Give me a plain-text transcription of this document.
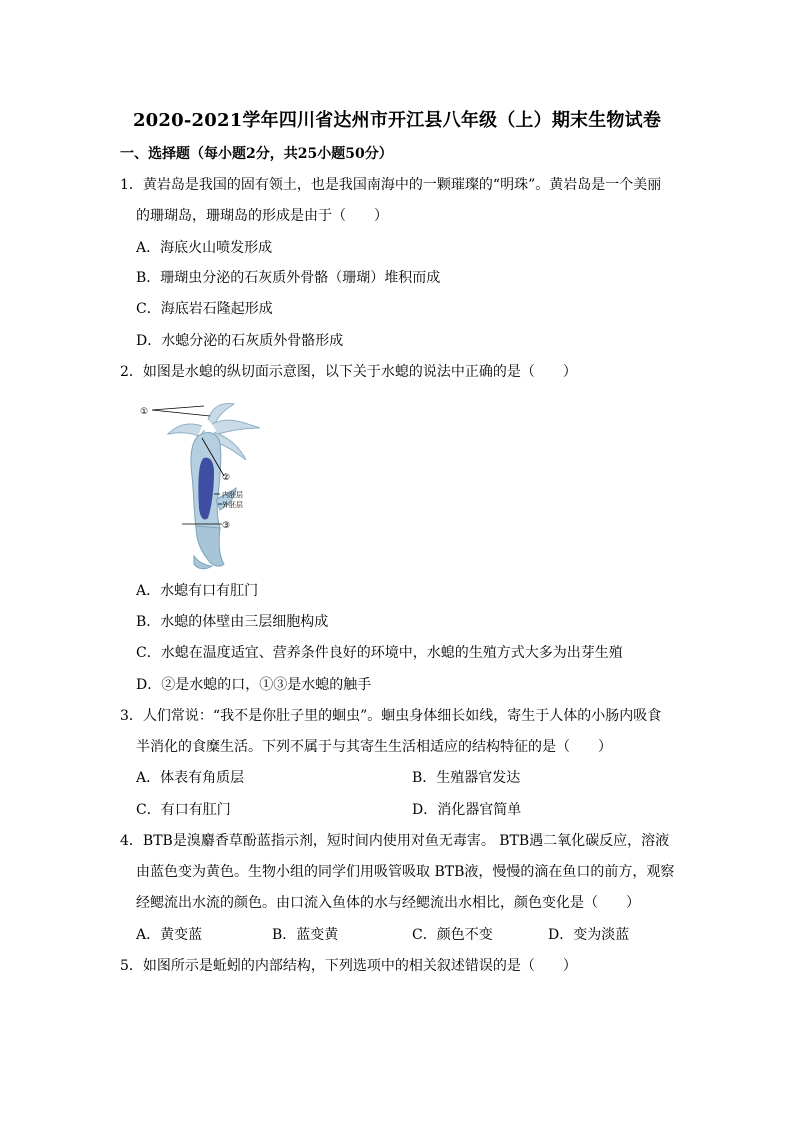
2020-2021学年四川省达州市开江县八年级（上）期末生物试卷
一、选择题（每小题2分，共25小题50分）
1．黄岩岛是我国的固有领土，也是我国南海中的一颗璀璨的“明珠”。黄岩岛是一个美丽
的珊瑚岛，珊瑚岛的形成是由于（　　）
A．海底火山喷发形成
B．珊瑚虫分泌的石灰质外骨骼（珊瑚）堆积而成
C．海底岩石隆起形成
D．水螅分泌的石灰质外骨骼形成
2．如图是水螅的纵切面示意图，以下关于水螅的说法中正确的是（　　）
①
②
内胚层
外胚层
③
A．水螅有口有肛门
B．水螅的体壁由三层细胞构成
C．水螅在温度适宜、营养条件良好的环境中，水螅的生殖方式大多为出芽生殖
D．②是水螅的口，①③是水螅的触手
3．人们常说：“我不是你肚子里的蛔虫”。蛔虫身体细长如线，寄生于人体的小肠内吸食
半消化的食糜生活。下列不属于与其寄生生活相适应的结构特征的是（　　）
A．体表有角质层	B．生殖器官发达
C．有口有肛门	D．消化器官简单
4．BTB是溴麝香草酚蓝指示剂，短时间内使用对鱼无毒害。 BTB遇二氧化碳反应，溶液
由蓝色变为黄色。生物小组的同学们用吸管吸取 BTB液，慢慢的滴在鱼口的前方，观察
经鳃流出水流的颜色。由口流入鱼体的水与经鳃流出水相比，颜色变化是（　　）
A．黄变蓝	B．蓝变黄	C．颜色不变	D．变为淡蓝
5．如图所示是蚯蚓的内部结构，下列选项中的相关叙述错误的是（　　）
